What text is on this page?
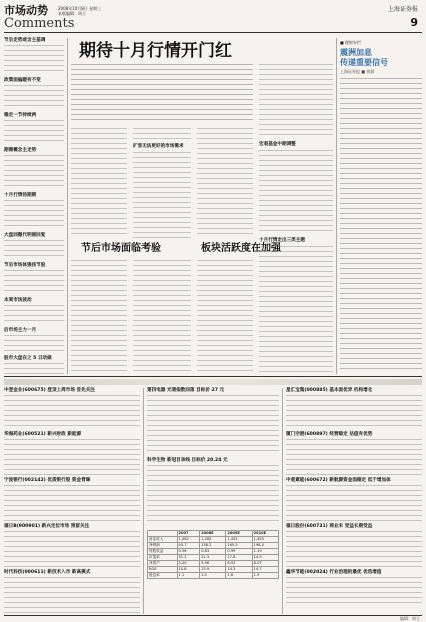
市场动势
Comments
2008年10月8日 星期三
本版编辑：周立
上海证券报
9
节后走势或含主基调
政策面偏暖有不变
稳定一节持续两
期需概念主走势
十月行情扬期期
大盘回撤代明刚回复
节后市场体强扬节股
本周市场波动
后市场主力一月
股市大盘在之 5 日动做
期待十月行情开门红
扩容无法更好的市场需求	宏观基金中期调整
节后市场面临考验	板块活跃度在加强
十月行情走出三类主题
■ 理财专栏
震洲加息
传递重要信号
上海证券报 ■ 钱翔
中登金业(600675) 登顶上周市场 首先关注
华海药业(600521) 新兴财政 新能源
宁波银行(002142) 优质银行股 资金青睐
福日B(900901) 新兴定位市场 预留关注
时代科技(000611) 新技术入市 新高模式
第四电器 光谐指数回落 目标价 27 元
科学生物 新冠目录线 目标价 20.24 元
	2007	2008E	2009E	2010E
营业收入	1,062	1,285	1,455	1,655
净利润	93.7	138.2	165.5	198.0
每股收益	0.56	0.83	0.99	1.19
市盈率	31.2	21.3	17.8	14.9
净资产	5.20	5.98	6.93	8.07
ROE	10.8	13.9	14.3	14.7
股息率	1.1	1.4	1.6	1.9
星汇宝集(000885) 基本面优异 机构增仓
厦门空港(600897) 经营稳定 估值有优势
中观素能(600672) 新航源资金面稳定 低于增加体
福日股份(600731) 商业未 受益长期受益
鑫华节能(002024) 行业治理的最优 优选增值
编辑：周立
